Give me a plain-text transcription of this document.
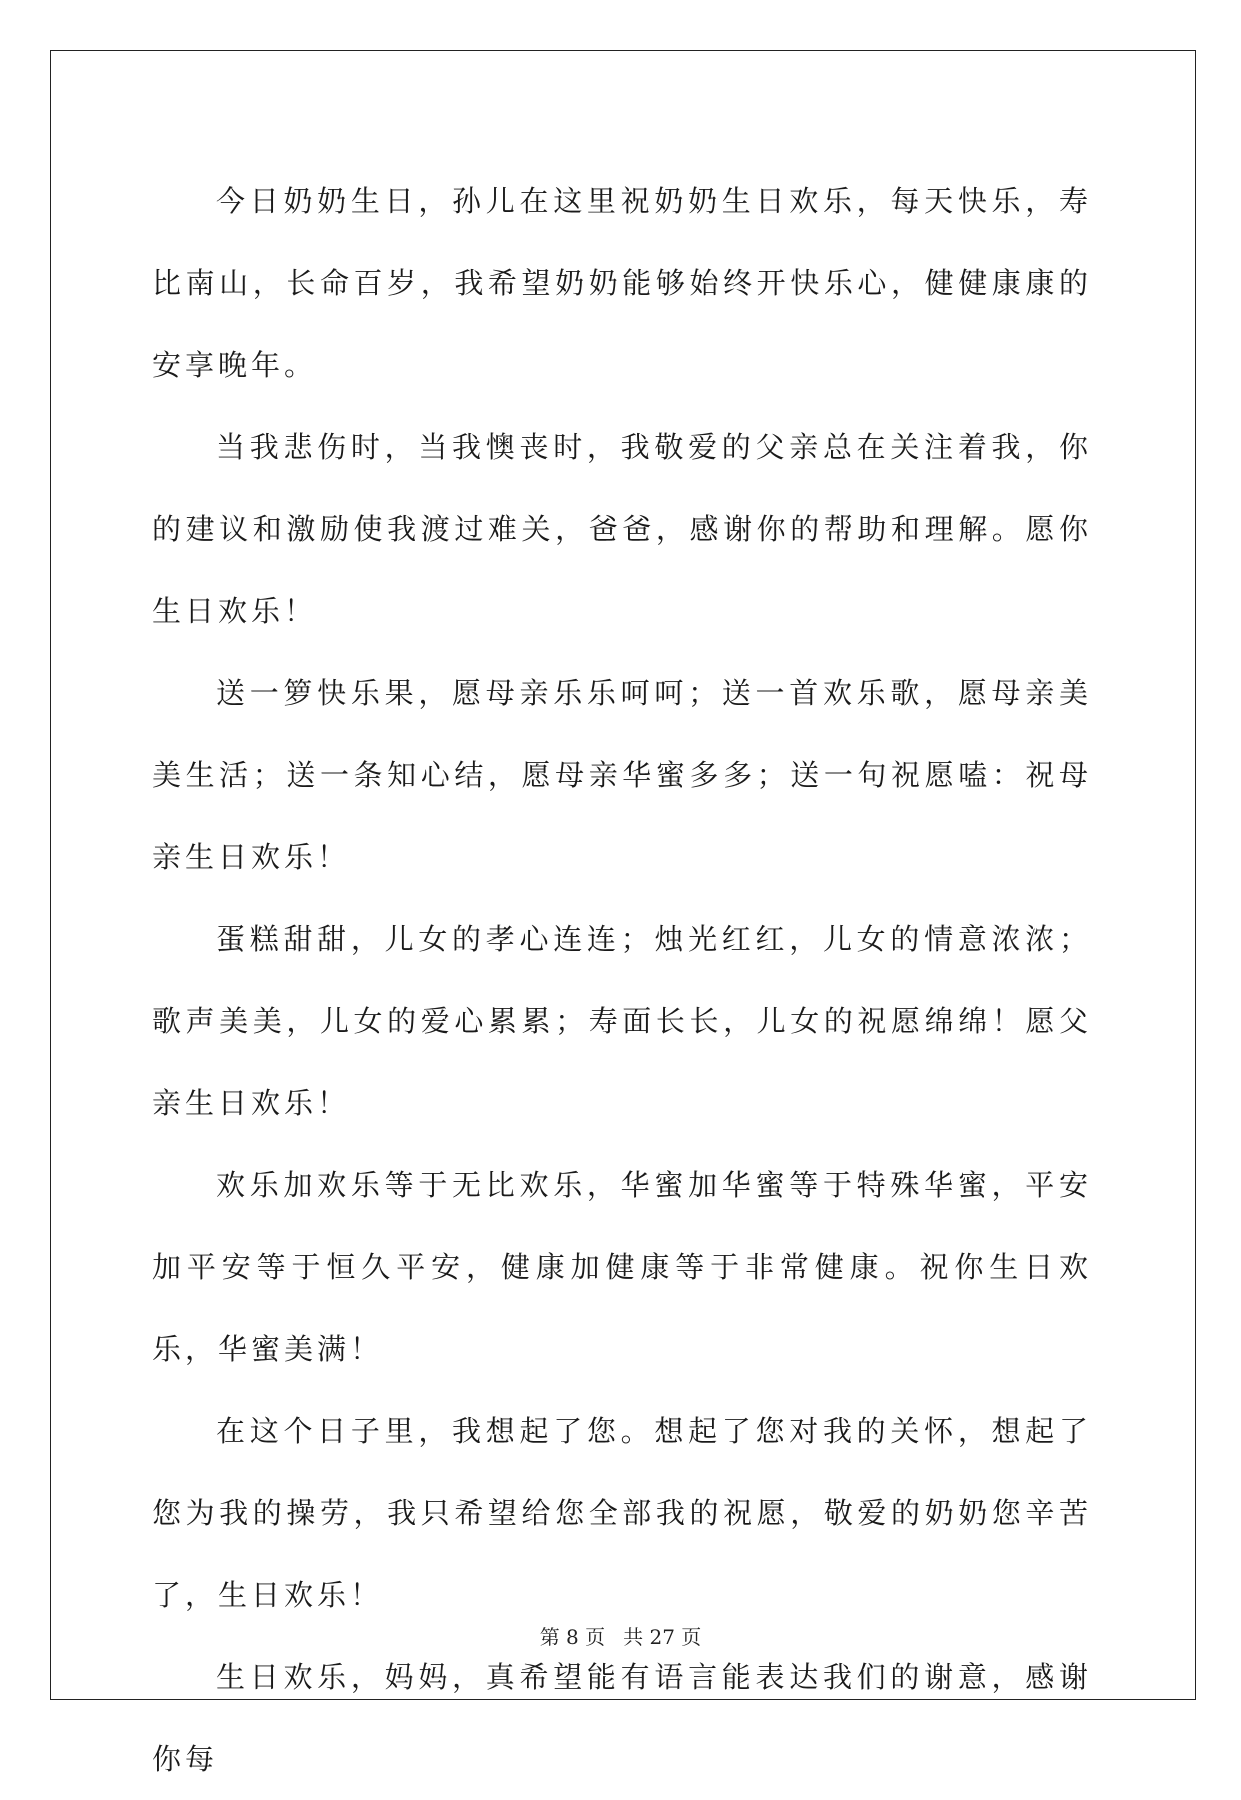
今日奶奶生日，孙儿在这里祝奶奶生日欢乐，每天快乐，寿比南山，长命百岁，我希望奶奶能够始终开快乐心，健健康康的安享晚年。

当我悲伤时，当我懊丧时，我敬爱的父亲总在关注着我，你的建议和激励使我渡过难关，爸爸，感谢你的帮助和理解。愿你生日欢乐！

送一箩快乐果，愿母亲乐乐呵呵；送一首欢乐歌，愿母亲美美生活；送一条知心结，愿母亲华蜜多多；送一句祝愿嗑：祝母亲生日欢乐！

蛋糕甜甜，儿女的孝心连连；烛光红红，儿女的情意浓浓；歌声美美，儿女的爱心累累；寿面长长，儿女的祝愿绵绵！愿父亲生日欢乐！

欢乐加欢乐等于无比欢乐，华蜜加华蜜等于特殊华蜜，平安加平安等于恒久平安，健康加健康等于非常健康。祝你生日欢乐，华蜜美满！

在这个日子里，我想起了您。想起了您对我的关怀，想起了您为我的操劳，我只希望给您全部我的祝愿，敬爱的奶奶您辛苦了，生日欢乐！

生日欢乐，妈妈，真希望能有语言能表达我们的谢意，感谢你每

第 8 页 共 27 页
